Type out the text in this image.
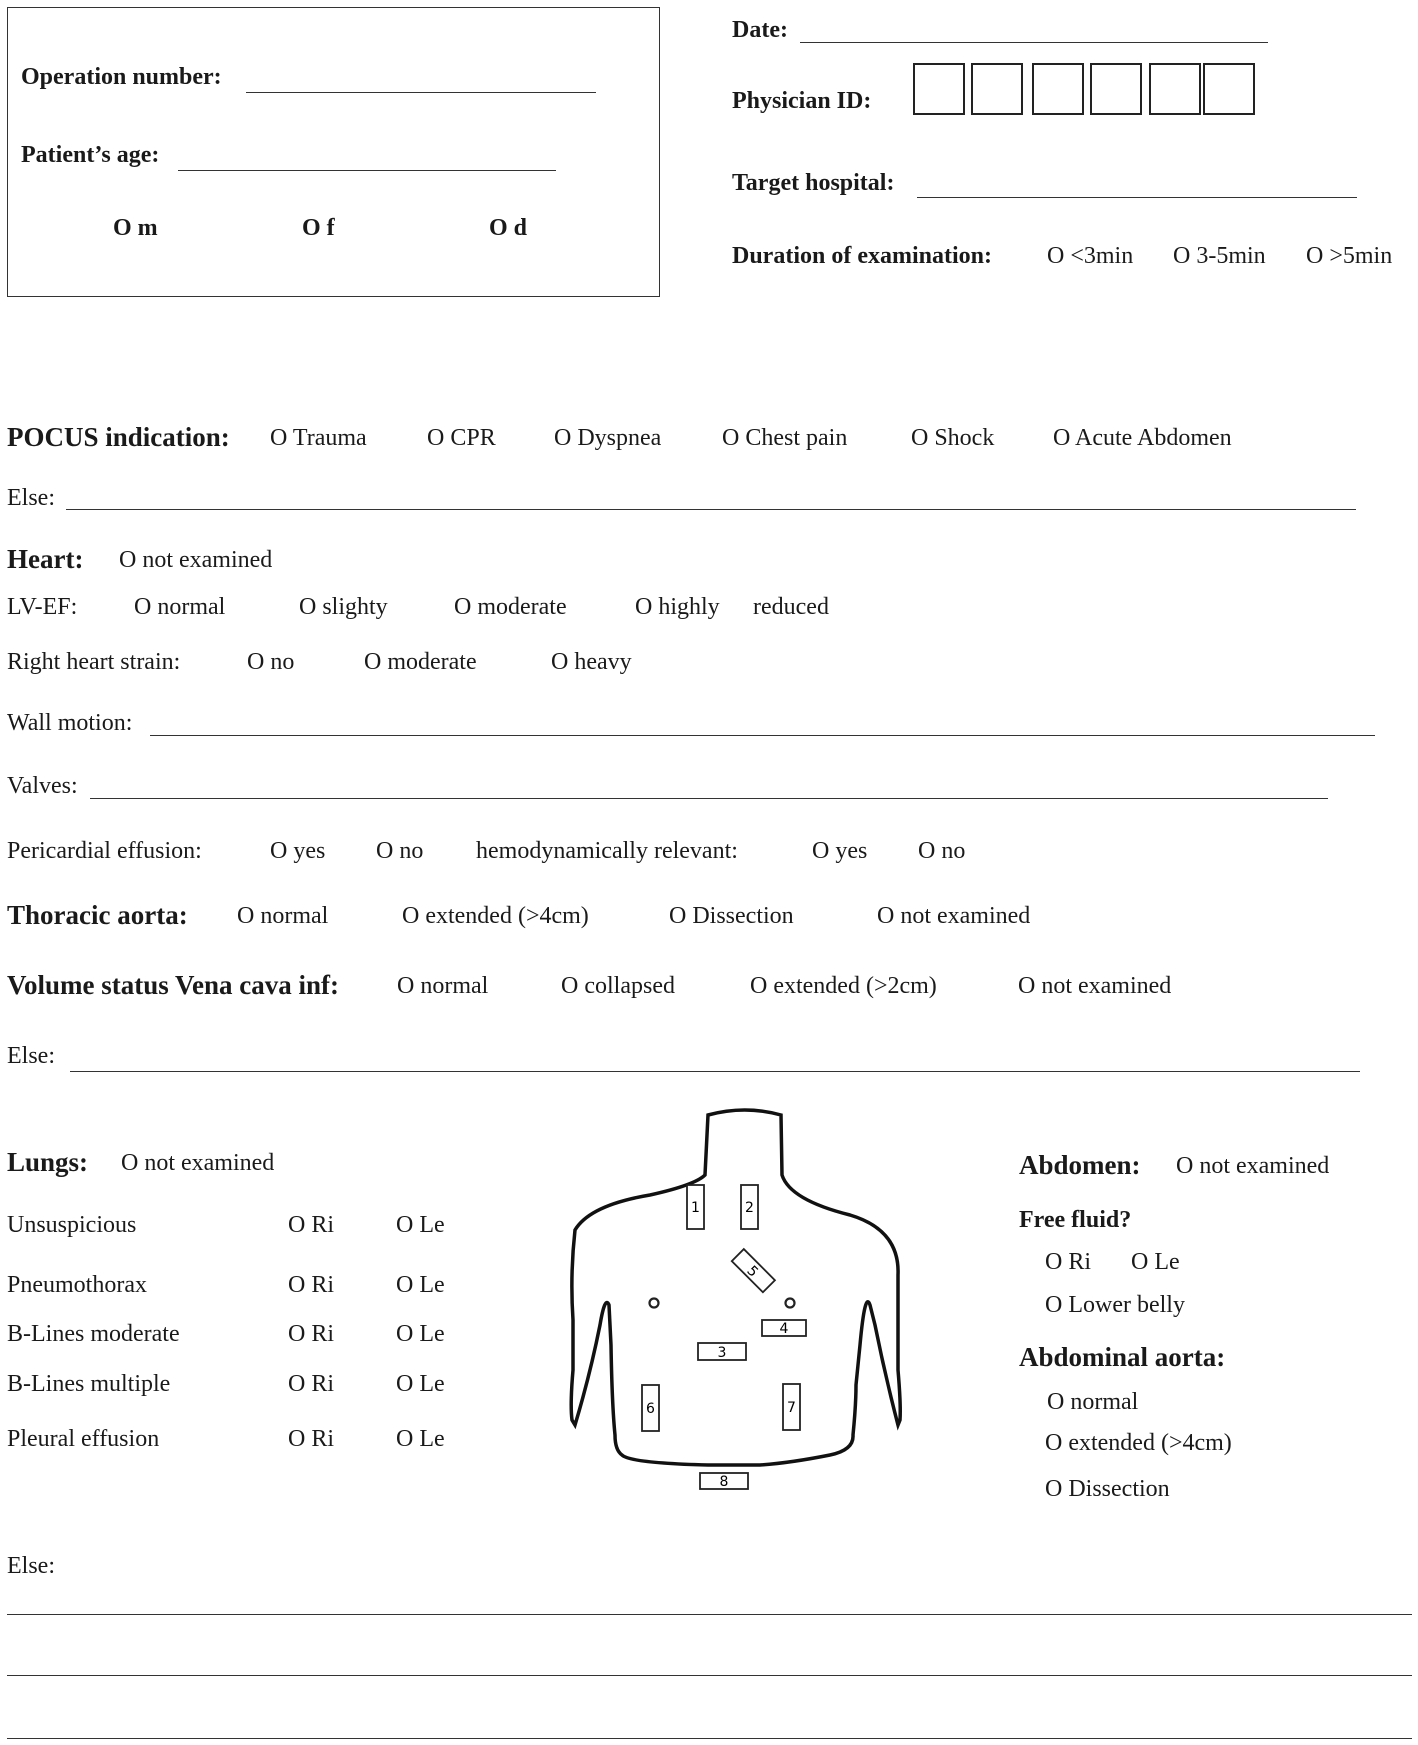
Operation number:
Patient’s age:
O m	O f	O d
Date:
Physician ID:
Target hospital:
Duration of examination: O <3min O 3-5min O >5min
POCUS indication: O Trauma	O CPR O Dyspnea	O Chest pain	O Shock O Acute Abdomen
Else:
Heart: O not examined
LV-EF: O normal	O slighty	O moderate	O highly reduced
Right heart strain:	O no	O moderate	O heavy
Wall motion:
Valves:
Pericardial effusion:	O yes O no hemodynamically relevant:	O yes O no
Thoracic aorta: O normal	O extended (>4cm)	O Dissection	O not examined
Volume status Vena cava inf: O normal	O collapsed	O extended (>2cm)	O not examined
Else:
Lungs: O not examined
Unsuspicious	O Ri	O Le
Pneumothorax	O Ri	O Le
B-Lines moderate	O Ri	O Le
B-Lines multiple	O Ri	O Le
Pleural effusion	O Ri	O Le
1	2
5
4
3
6	7
8
Abdomen: O not examined
Free fluid?
O Ri O Le
O Lower belly
Abdominal aorta:
O normal
O extended (>4cm)
O Dissection
Else:
